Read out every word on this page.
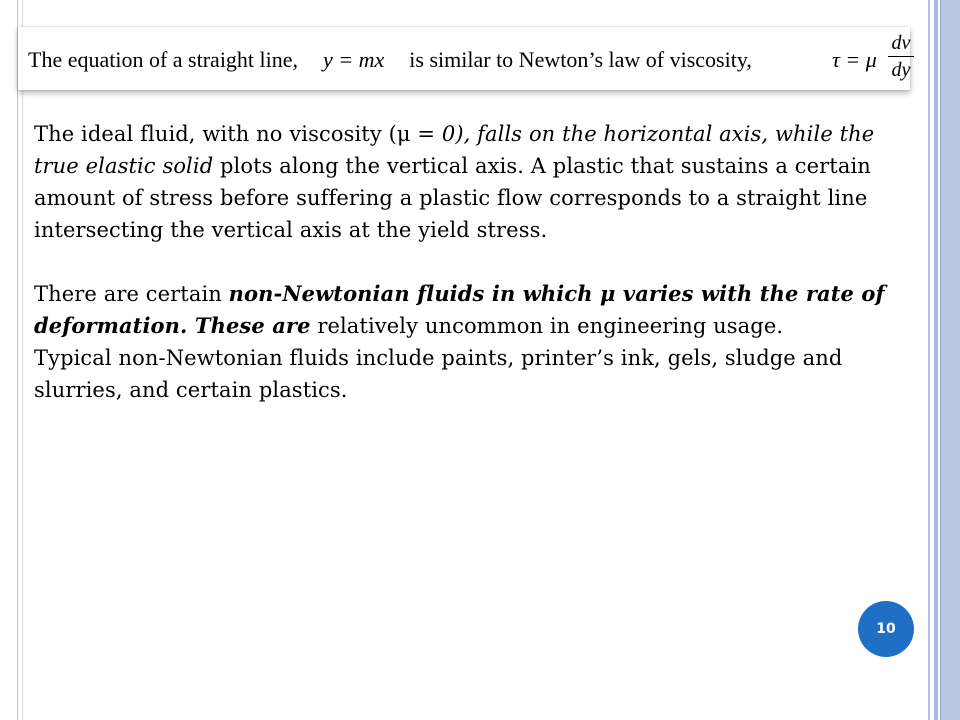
The equation of a straight line, y = mx is similar to Newton’s law of viscosity,	τ = μ
dv
dy

The ideal fluid, with no viscosity (μ = 0), falls on the horizontal axis, while the true elastic solid plots along the vertical axis. A plastic that sustains a certain amount of stress before suffering a plastic flow corresponds to a straight line intersecting the vertical axis at the yield stress.

There are certain non-Newtonian fluids in which μ varies with the rate of deformation. These are relatively uncommon in engineering usage.

Typical non-Newtonian fluids include paints, printer’s ink, gels, sludge and slurries, and certain plastics.

10
